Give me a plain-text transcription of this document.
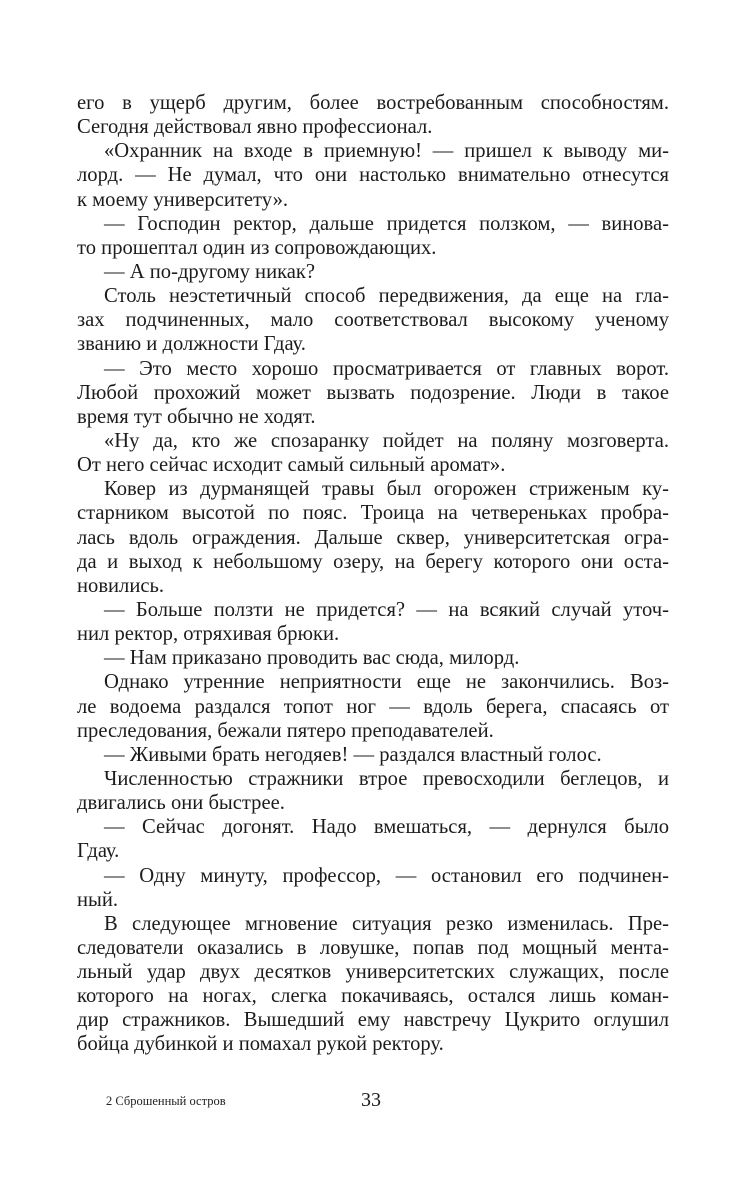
его в ущерб другим, более востребованным способностям.
Сегодня действовал явно профессионал.
«Охранник на входе в приемную! — пришел к выводу ми-
лорд. — Не думал, что они настолько внимательно отнесутся
к моему университету».
— Господин ректор, дальше придется ползком, — винова-
то прошептал один из сопровождающих.
— А по-другому никак?
Столь неэстетичный способ передвижения, да еще на гла-
зах подчиненных, мало соответствовал высокому ученому
званию и должности Гдау.
— Это место хорошо просматривается от главных ворот.
Любой прохожий может вызвать подозрение. Люди в такое
время тут обычно не ходят.
«Ну да, кто же спозаранку пойдет на поляну мозговерта.
От него сейчас исходит самый сильный аромат».
Ковер из дурманящей травы был огорожен стриженым ку-
старником высотой по пояс. Троица на четвереньках пробра-
лась вдоль ограждения. Дальше сквер, университетская огра-
да и выход к небольшому озеру, на берегу которого они оста-
новились.
— Больше ползти не придется? — на всякий случай уточ-
нил ректор, отряхивая брюки.
— Нам приказано проводить вас сюда, милорд.
Однако утренние неприятности еще не закончились. Воз-
ле водоема раздался топот ног — вдоль берега, спасаясь от
преследования, бежали пятеро преподавателей.
— Живыми брать негодяев! — раздался властный голос.
Численностью стражники втрое превосходили беглецов, и
двигались они быстрее.
— Сейчас догонят. Надо вмешаться, — дернулся было
Гдау.
— Одну минуту, профессор, — остановил его подчинен-
ный.
В следующее мгновение ситуация резко изменилась. Пре-
следователи оказались в ловушке, попав под мощный мента-
льный удар двух десятков университетских служащих, после
которого на ногах, слегка покачиваясь, остался лишь коман-
дир стражников. Вышедший ему навстречу Цукрито оглушил
бойца дубинкой и помахал рукой ректору.
2 Сброшенный остров	33
